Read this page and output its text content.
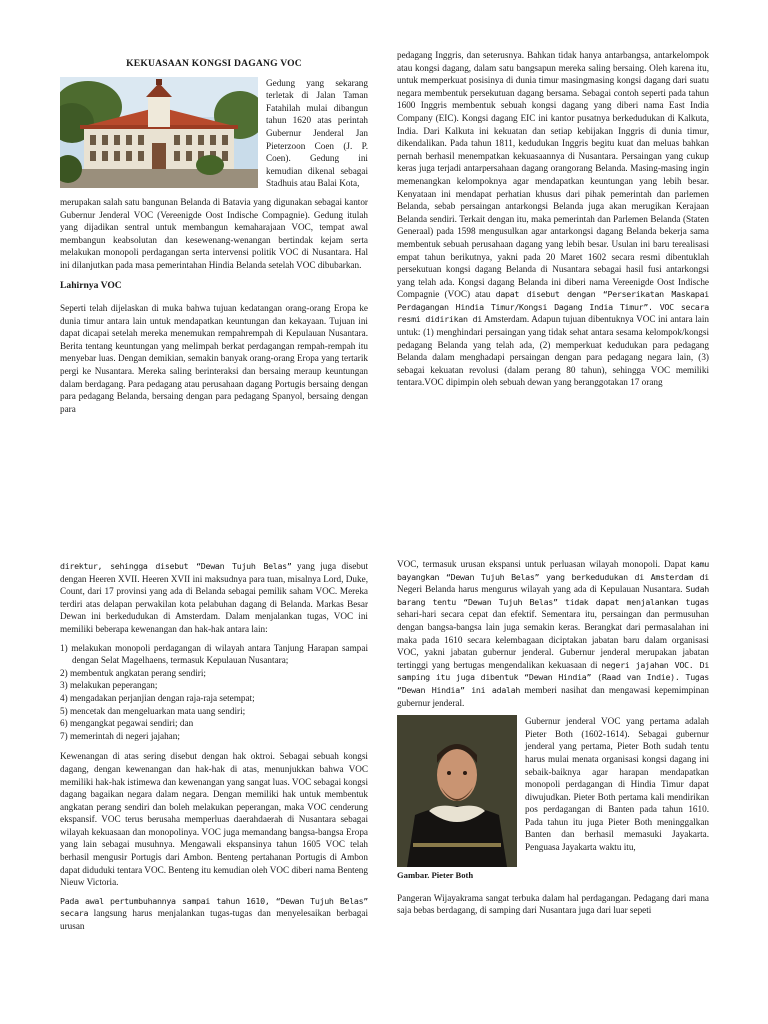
KEKUASAAN KONGSI DAGANG VOC

Gedung yang sekarang terletak di Jalan Taman Fatahilah mulai dibangun tahun 1620 atas perintah Gubernur Jenderal Jan Pieterzoon Coen (J. P. Coen). Gedung ini kemudian dikenal sebagai Stadhuis atau Balai Kota,

merupakan salah satu bangunan Belanda di Batavia yang digunakan sebagai kantor Gubernur Jenderal VOC (Vereenigde Oost Indische Compagnie). Gedung itulah yang dijadikan sentral untuk membangun kemaharajaan VOC, tempat awal membangun keabsolutan dan kesewenang-wenangan bertindak kejam serta melakukan monopoli perdagangan serta intervensi politik VOC di Nusantara. Hal ini dilanjutkan pada masa pemerintahan Hindia Belanda setelah VOC dibubarkan.

Lahirnya VOC

Seperti telah dijelaskan di muka bahwa tujuan kedatangan orang-orang Eropa ke dunia timur antara lain untuk mendapatkan keuntungan dan kekayaan. Tujuan ini dapat dicapai setelah mereka menemukan rempahrempah di Kepulauan Nusantara. Berita tentang keuntungan yang melimpah berkat perdagangan rempah-rempah itu menyebar luas. Dengan demikian, semakin banyak orang-orang Eropa yang tertarik pergi ke Nusantara. Mereka saling berinteraksi dan bersaing meraup keuntungan dalam berdagang. Para pedagang atau perusahaan dagang Portugis bersaing dengan para pedagang Belanda, bersaing dengan para pedagang Spanyol, bersaing dengan para

pedagang Inggris, dan seterusnya. Bahkan tidak hanya antarbangsa, antarkelompok atau kongsi dagang, dalam satu bangsapun mereka saling bersaing. Oleh karena itu, untuk memperkuat posisinya di dunia timur masingmasing kongsi dagang dari suatu negara membentuk persekutuan dagang bersama. Sebagai contoh seperti pada tahun 1600 Inggris membentuk sebuah kongsi dagang yang diberi nama East India Company (EIC). Kongsi dagang EIC ini kantor pusatnya berkedudukan di Kalkuta, India. Dari Kalkuta ini kekuatan dan setiap kebijakan Inggris di dunia timur, dikendalikan. Pada tahun 1811, kedudukan Inggris begitu kuat dan meluas bahkan pernah berhasil menempatkan kekuasaannya di Nusantara. Persaingan yang cukup keras juga terjadi antarpersahaan dagang orangorang Belanda. Masing-masing ingin memenangkan kelompoknya agar mendapatkan keuntungan yang lebih besar. Kenyataan ini mendapat perhatian khusus dari pihak pemerintah dan parlemen Belanda, sebab persaingan antarkongsi Belanda juga akan merugikan Kerajaan Belanda sendiri. Terkait dengan itu, maka pemerintah dan Parlemen Belanda (Staten Generaal) pada 1598 mengusulkan agar antarkongsi dagang Belanda bekerja sama membentuk sebuah perusahaan dagang yang lebih besar. Usulan ini baru terealisasi empat tahun berikutnya, yakni pada 20 Maret 1602 secara resmi dibentuklah persekutuan kongsi dagang Belanda di Nusantara sebagai hasil fusi antarkongsi yang telah ada. Kongsi dagang Belanda ini diberi nama Vereenigde Oost Indische Compagnie (VOC) atau dapat disebut dengan “Perserikatan Maskapai Perdagangan Hindia Timur/Kongsi Dagang India Timur”. VOC secara resmi didirikan di Amsterdam. Adapun tujuan dibentuknya VOC ini antara lain untuk: (1) menghindari persaingan yang tidak sehat antara sesama kelompok/kongsi pedagang Belanda yang telah ada, (2) memperkuat kedudukan para pedagang Belanda dalam menghadapi persaingan dengan para pedagang negara lain, (3) sebagai kekuatan revolusi (dalam perang 80 tahun), sehingga VOC memiliki tentara.VOC dipimpin oleh sebuah dewan yang beranggotakan 17 orang

direktur, sehingga disebut “Dewan Tujuh Belas” yang juga disebut dengan Heeren XVII. Heeren XVII ini maksudnya para tuan, misalnya Lord, Duke, Count, dari 17 provinsi yang ada di Belanda sebagai pemilik saham VOC. Mereka terdiri atas delapan perwakilan kota pelabuhan dagang di Belanda. Markas Besar Dewan ini berkedudukan di Amsterdam. Dalam menjalankan tugas, VOC ini memiliki beberapa kewenangan dan hak-hak antara lain:

1) melakukan monopoli perdagangan di wilayah antara Tanjung Harapan sampai dengan Selat Magelhaens, termasuk Kepulauan Nusantara;
2) membentuk angkatan perang sendiri;
3) melakukan peperangan;
4) mengadakan perjanjian dengan raja-raja setempat;
5) mencetak dan mengeluarkan mata uang sendiri;
6) mengangkat pegawai sendiri; dan
7) memerintah di negeri jajahan;

Kewenangan di atas sering disebut dengan hak oktroi. Sebagai sebuah kongsi dagang, dengan kewenangan dan hak-hak di atas, menunjukkan bahwa VOC memiliki hak-hak istimewa dan kewenangan yang sangat luas. VOC sebagai kongsi dagang bagaikan negara dalam negara. Dengan memiliki hak untuk membentuk angkatan perang sendiri dan boleh melakukan peperangan, maka VOC cenderung ekspansif. VOC terus berusaha memperluas daerahdaerah di Nusantara sebagai wilayah kekuasaan dan monopolinya. VOC juga memandang bangsa-bangsa Eropa yang lain sebagai musuhnya. Mengawali ekspansinya tahun 1605 VOC telah berhasil mengusir Portugis dari Ambon. Benteng pertahanan Portugis di Ambon dapat diduduki tentara VOC. Benteng itu kemudian oleh VOC diberi nama Benteng Nieuw Victoria.

Pada awal pertumbuhannya sampai tahun 1610, “Dewan Tujuh Belas” secara langsung harus menjalankan tugas-tugas dan menyelesaikan berbagai urusan

VOC, termasuk urusan ekspansi untuk perluasan wilayah monopoli. Dapat kamu bayangkan “Dewan Tujuh Belas” yang berkedudukan di Amsterdam di Negeri Belanda harus mengurus wilayah yang ada di Kepulauan Nusantara. Sudah barang tentu “Dewan Tujuh Belas” tidak dapat menjalankan tugas sehari-hari secara cepat dan efektif. Sementara itu, persaingan dan permusuhan dengan bangsa-bangsa lain juga semakin keras. Berangkat dari permasalahan ini maka pada 1610 secara kelembagaan diciptakan jabatan baru dalam organisasi VOC, yakni jabatan gubernur jenderal. Gubernur jenderal merupakan jabatan tertinggi yang bertugas mengendalikan kekuasaan di negeri jajahan VOC. Di samping itu juga dibentuk “Dewan Hindia” (Raad van Indie). Tugas “Dewan Hindia” ini adalah memberi nasihat dan mengawasi kepemimpinan gubernur jenderal.

Gambar. Pieter Both

Gubernur jenderal VOC yang pertama adalah Pieter Both (1602-1614). Sebagai gubernur jenderal yang pertama, Pieter Both sudah tentu harus mulai menata organisasi kongsi dagang ini sebaik-baiknya agar harapan mendapatkan monopoli perdagangan di Hindia Timur dapat diwujudkan. Pieter Both pertama kali mendirikan pos perdagangan di Banten pada tahun 1610. Pada tahun itu juga Pieter Both meninggalkan Banten dan berhasil memasuki Jayakarta. Penguasa Jayakarta waktu itu,

Pangeran Wijayakrama sangat terbuka dalam hal perdagangan. Pedagang dari mana saja bebas berdagang, di samping dari Nusantara juga dari luar sepeti
